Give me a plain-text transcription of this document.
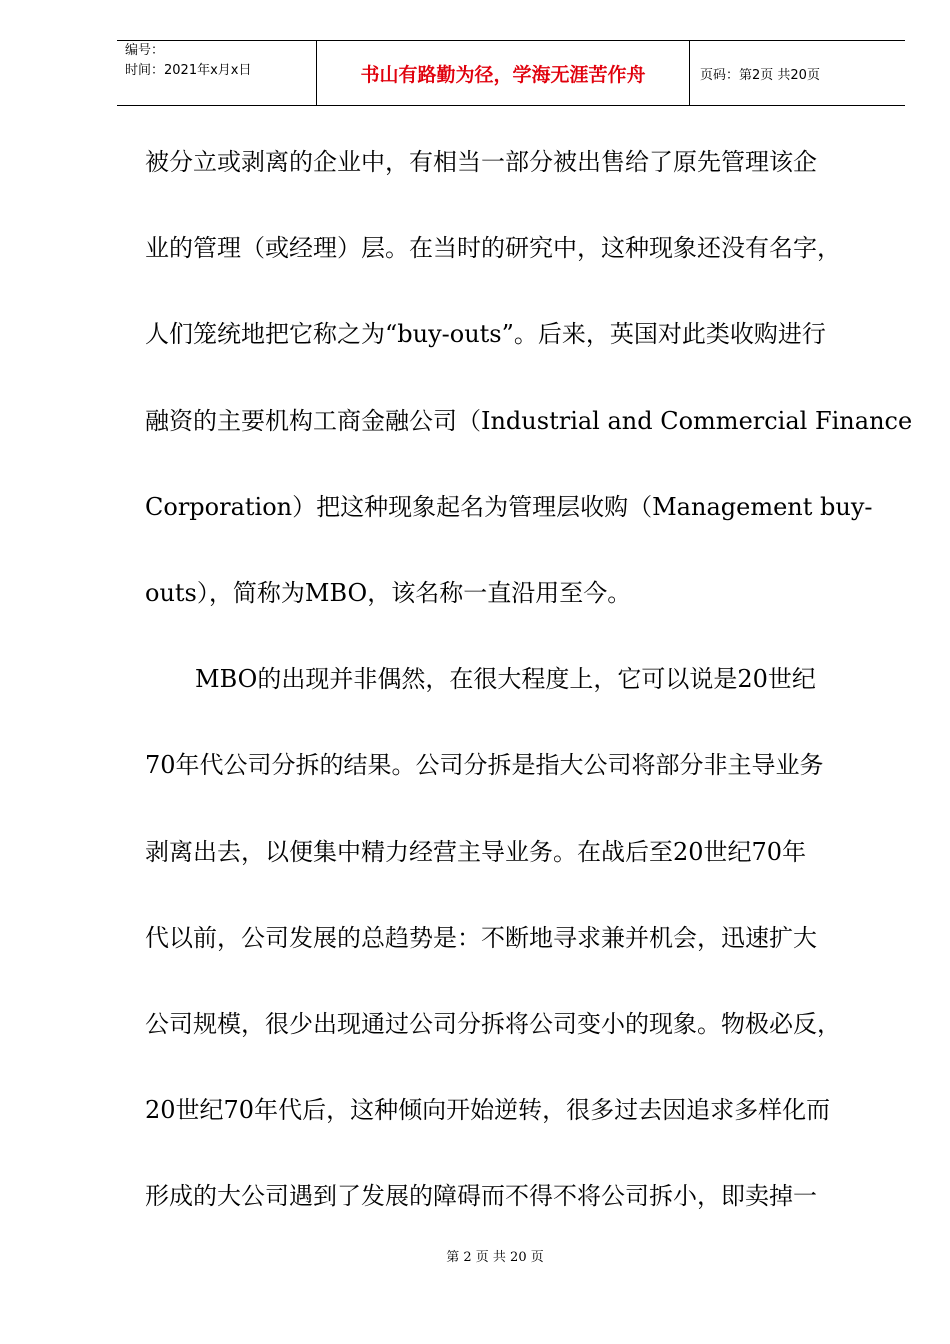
编号：
时间：2021年x月x日	书山有路勤为径，学海无涯苦作舟	页码：第2页 共20页
被分立或剥离的企业中，有相当一部分被出售给了原先管理该企
业的管理（或经理）层。在当时的研究中，这种现象还没有名字，
人们笼统地把它称之为“buy-outs”。后来，英国对此类收购进行
融资的主要机构工商金融公司（Industrial and Commercial Finance
Corporation）把这种现象起名为管理层收购（Management buy-
outs），简称为MBO，该名称一直沿用至今。
MBO的出现并非偶然，在很大程度上，它可以说是20世纪
70年代公司分拆的结果。公司分拆是指大公司将部分非主导业务
剥离出去，以便集中精力经营主导业务。在战后至20世纪70年
代以前，公司发展的总趋势是：不断地寻求兼并机会，迅速扩大
公司规模，很少出现通过公司分拆将公司变小的现象。物极必反，
20世纪70年代后，这种倾向开始逆转，很多过去因追求多样化而
形成的大公司遇到了发展的障碍而不得不将公司拆小，即卖掉一
第 2 页 共 20 页
